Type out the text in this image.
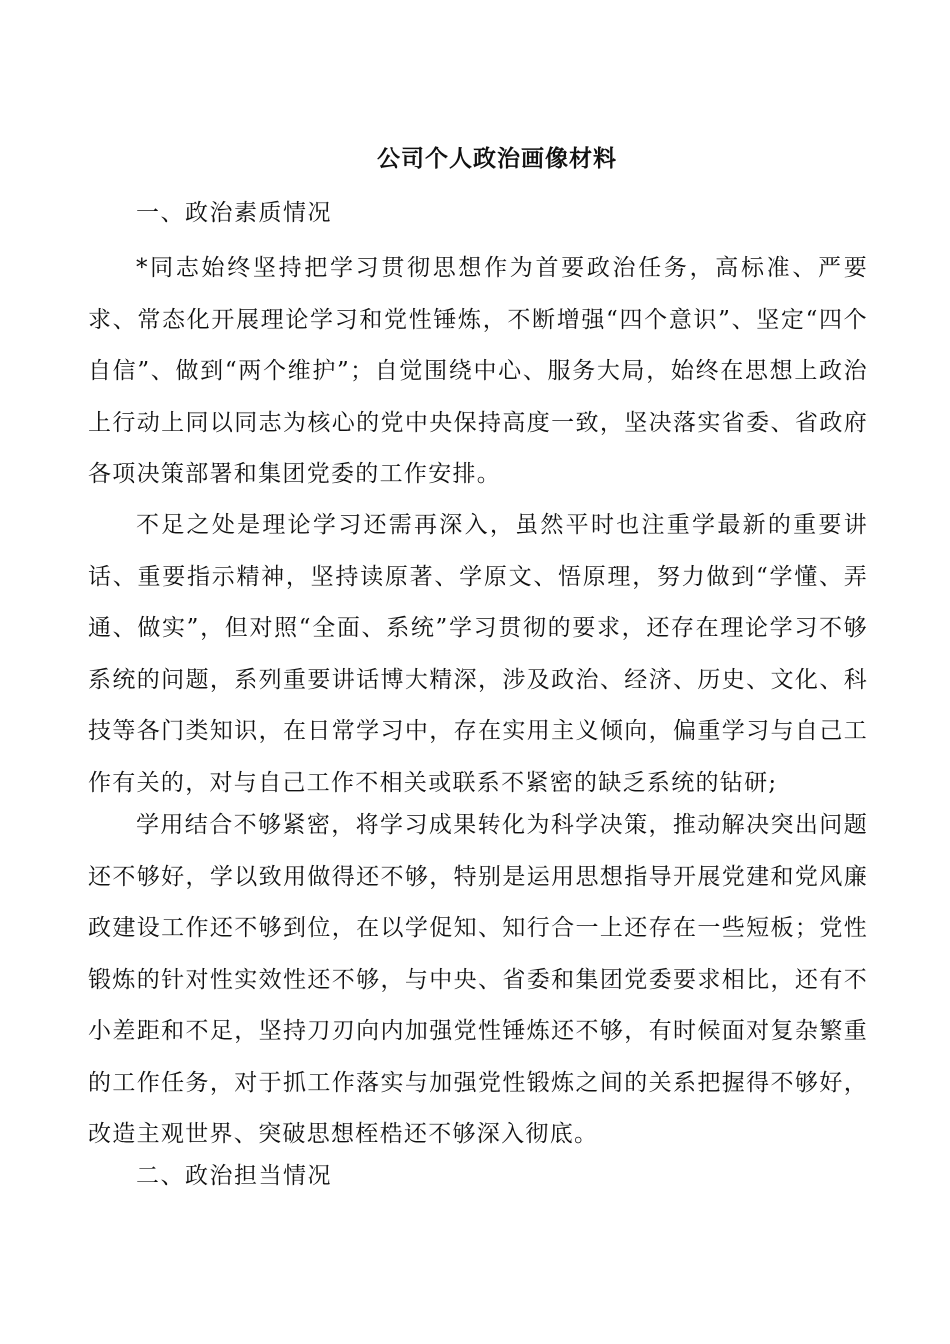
公司个人政治画像材料
一、政治素质情况
*同志始终坚持把学习贯彻思想作为首要政治任务，高标准、严要求、常态化开展理论学习和党性锤炼，不断增强“四个意识”、坚定“四个自信”、做到“两个维护”；自觉围绕中心、服务大局，始终在思想上政治上行动上同以同志为核心的党中央保持高度一致，坚决落实省委、省政府各项决策部署和集团党委的工作安排。
不足之处是理论学习还需再深入，虽然平时也注重学最新的重要讲话、重要指示精神，坚持读原著、学原文、悟原理，努力做到“学懂、弄通、做实”，但对照“全面、系统”学习贯彻的要求，还存在理论学习不够系统的问题，系列重要讲话博大精深，涉及政治、经济、历史、文化、科技等各门类知识，在日常学习中，存在实用主义倾向，偏重学习与自己工作有关的，对与自己工作不相关或联系不紧密的缺乏系统的钻研;
学用结合不够紧密，将学习成果转化为科学决策，推动解决突出问题还不够好，学以致用做得还不够，特别是运用思想指导开展党建和党风廉政建设工作还不够到位，在以学促知、知行合一上还存在一些短板；党性锻炼的针对性实效性还不够，与中央、省委和集团党委要求相比，还有不小差距和不足，坚持刀刃向内加强党性锤炼还不够，有时候面对复杂繁重的工作任务，对于抓工作落实与加强党性锻炼之间的关系把握得不够好，改造主观世界、突破思想桎梏还不够深入彻底。
二、政治担当情况
